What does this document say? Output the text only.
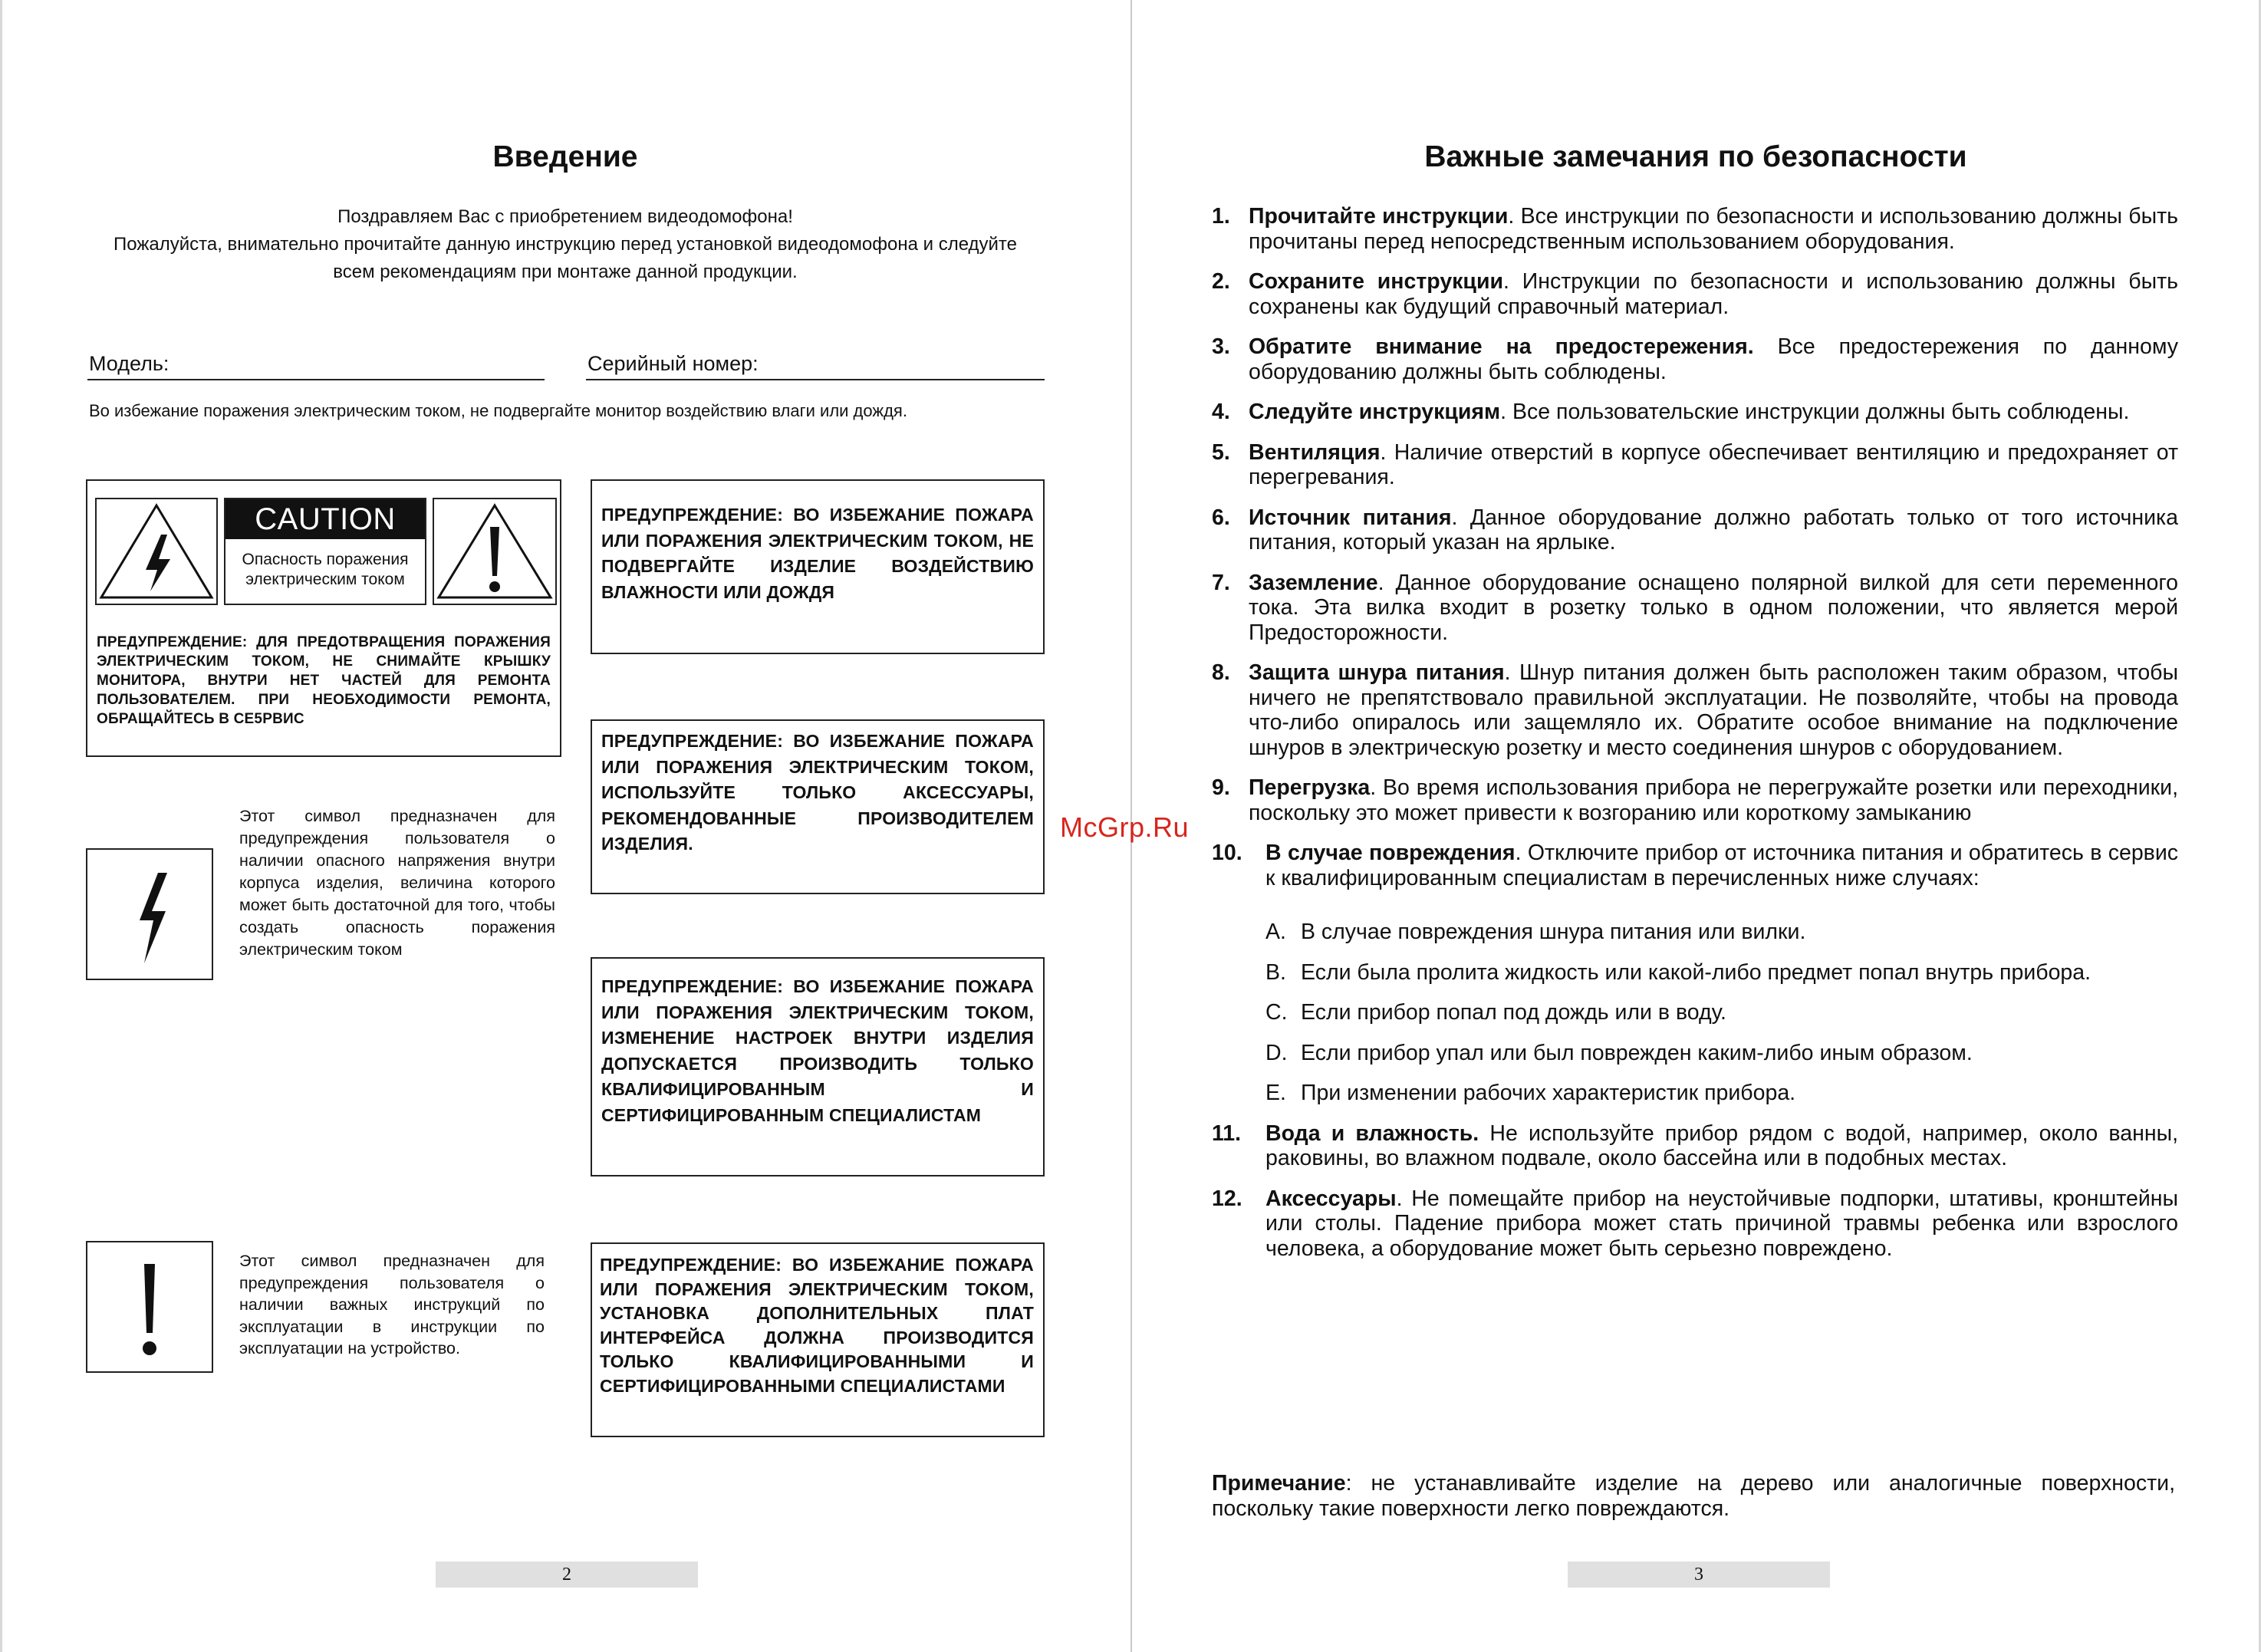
Введение
Поздравляем Вас с приобретением видеодомофона!
Пожалуйста, внимательно прочитайте данную инструкцию перед установкой видеодомофона и следуйте
всем рекомендациям при монтаже данной продукции.
Модель:	Серийный номер:
Во избежание поражения электрическим током, не подвергайте монитор воздействию влаги или дождя.
CAUTION
Опасность поражения электрическим током
ПРЕДУПРЕЖДЕНИЕ: ДЛЯ ПРЕДОТВРАЩЕНИЯ ПОРАЖЕНИЯ ЭЛЕКТРИЧЕСКИМ ТОКОМ, НЕ СНИМАЙТЕ КРЫШКУ МОНИТОРА, ВНУТРИ НЕТ ЧАСТЕЙ ДЛЯ РЕМОНТА ПОЛЬЗОВАТЕЛЕМ. ПРИ НЕОБХОДИМОСТИ РЕМОНТА, ОБРАЩАЙТЕСЬ В СЕ5РВИС
ПРЕДУПРЕЖДЕНИЕ: ВО ИЗБЕЖАНИЕ ПОЖАРА ИЛИ ПОРАЖЕНИЯ ЭЛЕКТРИЧЕСКИМ ТОКОМ, НЕ ПОДВЕРГАЙТЕ ИЗДЕЛИЕ ВОЗДЕЙСТВИЮ ВЛАЖНОСТИ ИЛИ ДОЖДЯ
ПРЕДУПРЕЖДЕНИЕ: ВО ИЗБЕЖАНИЕ ПОЖАРА ИЛИ ПОРАЖЕНИЯ ЭЛЕКТРИЧЕСКИМ ТОКОМ, ИСПОЛЬЗУЙТЕ ТОЛЬКО АКСЕССУАРЫ, РЕКОМЕНДОВАННЫЕ ПРОИЗВОДИТЕЛЕМ ИЗДЕЛИЯ.
ПРЕДУПРЕЖДЕНИЕ: ВО ИЗБЕЖАНИЕ ПОЖАРА ИЛИ ПОРАЖЕНИЯ ЭЛЕКТРИЧЕСКИМ ТОКОМ, ИЗМЕНЕНИЕ НАСТРОЕК ВНУТРИ ИЗДЕЛИЯ ДОПУСКАЕТСЯ ПРОИЗВОДИТЬ ТОЛЬКО КВАЛИФИЦИРОВАННЫМ И СЕРТИФИЦИРОВАННЫМ СПЕЦИАЛИСТАМ
ПРЕДУПРЕЖДЕНИЕ: ВО ИЗБЕЖАНИЕ ПОЖАРА ИЛИ ПОРАЖЕНИЯ ЭЛЕКТРИЧЕСКИМ ТОКОМ, УСТАНОВКА ДОПОЛНИТЕЛЬНЫХ ПЛАТ ИНТЕРФЕЙСА ДОЛЖНА ПРОИЗВОДИТСЯ ТОЛЬКО КВАЛИФИЦИРОВАННЫМИ И СЕРТИФИЦИРОВАННЫМИ СПЕЦИАЛИСТАМИ
Этот символ предназначен для предупреждения пользователя о наличии опасного напряжения внутри корпуса изделия, величина которого может быть достаточной для того, чтобы создать опасность поражения электрическим током
Этот символ предназначен для предупреждения пользователя о наличии важных инструкций по эксплуатации в инструкции по эксплуатации на устройство.
2
Важные замечания по безопасности
1. Прочитайте инструкции. Все инструкции по безопасности и использованию должны быть прочитаны перед непосредственным использованием оборудования.
2. Сохраните инструкции. Инструкции по безопасности и использованию должны быть сохранены как будущий справочный материал.
3. Обратите внимание на предостережения. Все предостережения по данному оборудованию должны быть соблюдены.
4. Следуйте инструкциям. Все пользовательские инструкции должны быть соблюдены.
5. Вентиляция. Наличие отверстий в корпусе обеспечивает вентиляцию и предохраняет от перегревания.
6. Источник питания. Данное оборудование должно работать только от того источника питания, который указан на ярлыке.
7. Заземление. Данное оборудование оснащено полярной вилкой для сети переменного тока. Эта вилка входит в розетку только в одном положении, что является мерой Предосторожности.
8. Защита шнура питания. Шнур питания должен быть расположен таким образом, чтобы ничего не препятствовало правильной эксплуатации. Не позволяйте, чтобы на провода что-либо опиралось или защемляло их. Обратите особое внимание на подключение шнуров в электрическую розетку и место соединения шнуров с оборудованием.
9. Перегрузка. Во время использования прибора не перегружайте розетки или переходники, поскольку это может привести к возгоранию или короткому замыканию
10. В случае повреждения. Отключите прибор от источника питания и обратитесь в сервис к квалифицированным специалистам в перечисленных ниже случаях:
A. В случае повреждения шнура питания или вилки.
B. Если была пролита жидкость или какой-либо предмет попал внутрь прибора.
C. Если прибор попал под дождь или в воду.
D. Если прибор упал или был поврежден каким-либо иным образом.
E. При изменении рабочих характеристик прибора.
11. Вода и влажность. Не используйте прибор рядом с водой, например, около ванны, раковины, во влажном подвале, около бассейна или в подобных местах.
12. Аксессуары. Не помещайте прибор на неустойчивые подпорки, штативы, кронштейны или столы. Падение прибора может стать причиной травмы ребенка или взрослого человека, а оборудование может быть серьезно повреждено.
Примечание: не устанавливайте изделие на дерево или аналогичные поверхности, поскольку такие поверхности легко повреждаются.
3
McGrp.Ru
